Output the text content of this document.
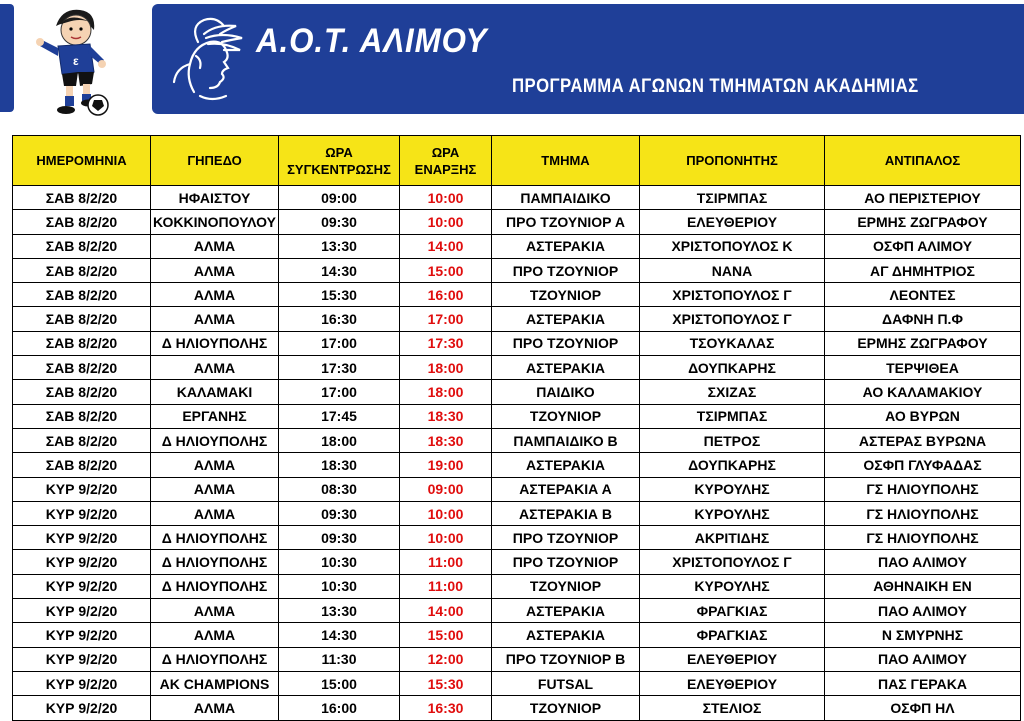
ε
Α.Ο.Τ. ΑΛΙΜΟΥ
ΠΡΟΓΡΑΜΜΑ ΑΓΩΝΩΝ ΤΜΗΜΑΤΩΝ ΑΚΑΔΗΜΙΑΣ
ΗΜΕΡΟΜΗΝΙΑ	ΓΗΠΕΔΟ	ΩΡΑ ΣΥΓΚΕΝΤΡΩΣΗΣ	ΩΡΑ ΕΝΑΡΞΗΣ	ΤΜΗΜΑ	ΠΡΟΠΟΝΗΤΗΣ	ΑΝΤΙΠΑΛΟΣ
ΣΑΒ 8/2/20	ΗΦΑΙΣΤΟΥ	09:00	10:00	ΠΑΜΠΑΙΔΙΚΟ	ΤΣΙΡΜΠΑΣ	ΑΟ ΠΕΡΙΣΤΕΡΙΟΥ
ΣΑΒ 8/2/20	ΚΟΚΚΙΝΟΠΟΥΛΟΥ	09:30	10:00	ΠΡΟ ΤΖΟΥΝΙΟΡ Α	ΕΛΕΥΘΕΡΙΟΥ	ΕΡΜΗΣ ΖΩΓΡΑΦΟΥ
ΣΑΒ 8/2/20	ΑΛΜΑ	13:30	14:00	ΑΣΤΕΡΑΚΙΑ	ΧΡΙΣΤΟΠΟΥΛΟΣ Κ	ΟΣΦΠ ΑΛΙΜΟΥ
ΣΑΒ 8/2/20	ΑΛΜΑ	14:30	15:00	ΠΡΟ ΤΖΟΥΝΙΟΡ	ΝΑΝΑ	ΑΓ ΔΗΜΗΤΡΙΟΣ
ΣΑΒ 8/2/20	ΑΛΜΑ	15:30	16:00	ΤΖΟΥΝΙΟΡ	ΧΡΙΣΤΟΠΟΥΛΟΣ Γ	ΛΕΟΝΤΕΣ
ΣΑΒ 8/2/20	ΑΛΜΑ	16:30	17:00	ΑΣΤΕΡΑΚΙΑ	ΧΡΙΣΤΟΠΟΥΛΟΣ Γ	ΔΑΦΝΗ Π.Φ
ΣΑΒ 8/2/20	Δ ΗΛΙΟΥΠΟΛΗΣ	17:00	17:30	ΠΡΟ ΤΖΟΥΝΙΟΡ	ΤΣΟΥΚΑΛΑΣ	ΕΡΜΗΣ ΖΩΓΡΑΦΟΥ
ΣΑΒ 8/2/20	ΑΛΜΑ	17:30	18:00	ΑΣΤΕΡΑΚΙΑ	ΔΟΥΠΚΑΡΗΣ	ΤΕΡΨΙΘΕΑ
ΣΑΒ 8/2/20	ΚΑΛΑΜΑΚΙ	17:00	18:00	ΠΑΙΔΙΚΟ	ΣΧΙΖΑΣ	ΑΟ ΚΑΛΑΜΑΚΙΟΥ
ΣΑΒ 8/2/20	ΕΡΓΑΝΗΣ	17:45	18:30	ΤΖΟΥΝΙΟΡ	ΤΣΙΡΜΠΑΣ	ΑΟ ΒΥΡΩΝ
ΣΑΒ 8/2/20	Δ ΗΛΙΟΥΠΟΛΗΣ	18:00	18:30	ΠΑΜΠΑΙΔΙΚΟ Β	ΠΕΤΡΟΣ	ΑΣΤΕΡΑΣ ΒΥΡΩΝΑ
ΣΑΒ 8/2/20	ΑΛΜΑ	18:30	19:00	ΑΣΤΕΡΑΚΙΑ	ΔΟΥΠΚΑΡΗΣ	ΟΣΦΠ ΓΛΥΦΑΔΑΣ
ΚΥΡ 9/2/20	ΑΛΜΑ	08:30	09:00	ΑΣΤΕΡΑΚΙΑ Α	ΚΥΡΟΥΛΗΣ	ΓΣ ΗΛΙΟΥΠΟΛΗΣ
ΚΥΡ 9/2/20	ΑΛΜΑ	09:30	10:00	ΑΣΤΕΡΑΚΙΑ Β	ΚΥΡΟΥΛΗΣ	ΓΣ ΗΛΙΟΥΠΟΛΗΣ
ΚΥΡ 9/2/20	Δ ΗΛΙΟΥΠΟΛΗΣ	09:30	10:00	ΠΡΟ ΤΖΟΥΝΙΟΡ	ΑΚΡΙΤΙΔΗΣ	ΓΣ ΗΛΙΟΥΠΟΛΗΣ
ΚΥΡ 9/2/20	Δ ΗΛΙΟΥΠΟΛΗΣ	10:30	11:00	ΠΡΟ ΤΖΟΥΝΙΟΡ	ΧΡΙΣΤΟΠΟΥΛΟΣ Γ	ΠΑΟ ΑΛΙΜΟΥ
ΚΥΡ 9/2/20	Δ ΗΛΙΟΥΠΟΛΗΣ	10:30	11:00	ΤΖΟΥΝΙΟΡ	ΚΥΡΟΥΛΗΣ	ΑΘΗΝΑΙΚΗ ΕΝ
ΚΥΡ 9/2/20	ΑΛΜΑ	13:30	14:00	ΑΣΤΕΡΑΚΙΑ	ΦΡΑΓΚΙΑΣ	ΠΑΟ ΑΛΙΜΟΥ
ΚΥΡ 9/2/20	ΑΛΜΑ	14:30	15:00	ΑΣΤΕΡΑΚΙΑ	ΦΡΑΓΚΙΑΣ	Ν ΣΜΥΡΝΗΣ
ΚΥΡ 9/2/20	Δ ΗΛΙΟΥΠΟΛΗΣ	11:30	12:00	ΠΡΟ ΤΖΟΥΝΙΟΡ Β	ΕΛΕΥΘΕΡΙΟΥ	ΠΑΟ ΑΛΙΜΟΥ
ΚΥΡ 9/2/20	AK CHAMPIONS	15:00	15:30	FUTSAL	ΕΛΕΥΘΕΡΙΟΥ	ΠΑΣ ΓΕΡΑΚΑ
ΚΥΡ 9/2/20	ΑΛΜΑ	16:00	16:30	ΤΖΟΥΝΙΟΡ	ΣΤΕΛΙΟΣ	ΟΣΦΠ ΗΛ
